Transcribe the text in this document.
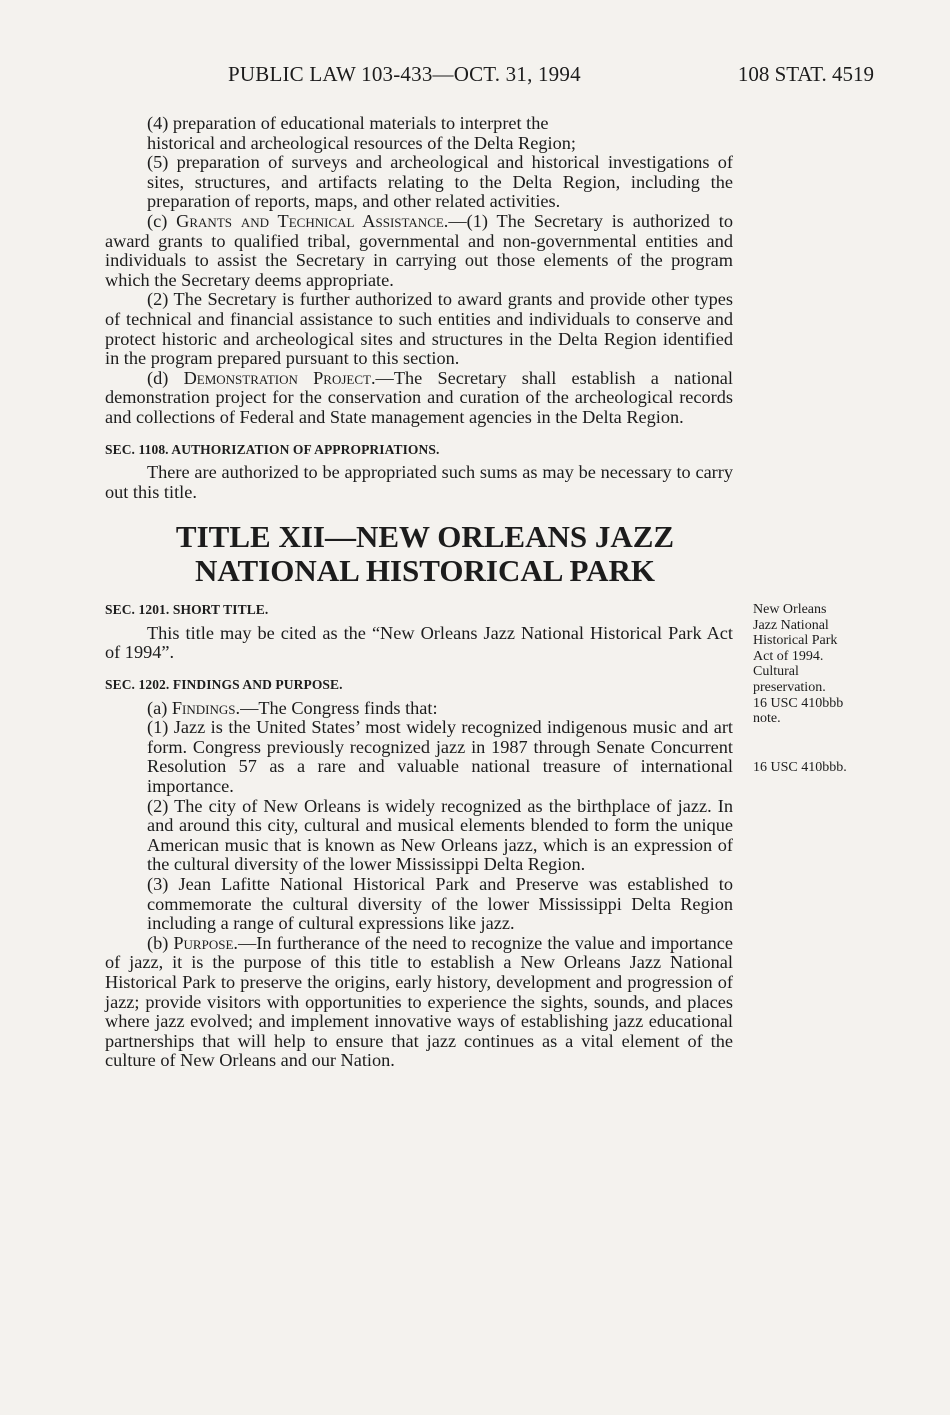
PUBLIC LAW 103-433—OCT. 31, 1994	108 STAT. 4519

(4) preparation of educational materials to interpret the

historical and archeological resources of the Delta Region;

(5) preparation of surveys and archeological and historical investigations of sites, structures, and artifacts relating to the Delta Region, including the preparation of reports, maps, and other related activities.

(c) Grants and Technical Assistance.—(1) The Secretary is authorized to award grants to qualified tribal, governmental and non-governmental entities and individuals to assist the Secretary in carrying out those elements of the program which the Secretary deems appropriate.

(2) The Secretary is further authorized to award grants and provide other types of technical and financial assistance to such entities and individuals to conserve and protect historic and archeological sites and structures in the Delta Region identified in the program prepared pursuant to this section.

(d) Demonstration Project.—The Secretary shall establish a national demonstration project for the conservation and curation of the archeological records and collections of Federal and State management agencies in the Delta Region.

SEC. 1108. AUTHORIZATION OF APPROPRIATIONS.

There are authorized to be appropriated such sums as may be necessary to carry out this title.

TITLE XII—NEW ORLEANS JAZZ
NATIONAL HISTORICAL PARK

SEC. 1201. SHORT TITLE.

This title may be cited as the “New Orleans Jazz National Historical Park Act of 1994”.

SEC. 1202. FINDINGS AND PURPOSE.

(a) Findings.—The Congress finds that:

(1) Jazz is the United States’ most widely recognized indigenous music and art form. Congress previously recognized jazz in 1987 through Senate Concurrent Resolution 57 as a rare and valuable national treasure of international importance.

(2) The city of New Orleans is widely recognized as the birthplace of jazz. In and around this city, cultural and musical elements blended to form the unique American music that is known as New Orleans jazz, which is an expression of the cultural diversity of the lower Mississippi Delta Region.

(3) Jean Lafitte National Historical Park and Preserve was established to commemorate the cultural diversity of the lower Mississippi Delta Region including a range of cultural expressions like jazz.

(b) Purpose.—In furtherance of the need to recognize the value and importance of jazz, it is the purpose of this title to establish a New Orleans Jazz National Historical Park to preserve the origins, early history, development and progression of jazz; provide visitors with opportunities to experience the sights, sounds, and places where jazz evolved; and implement innovative ways of establishing jazz educational partnerships that will help to ensure that jazz continues as a vital element of the culture of New Orleans and our Nation.

New Orleans
Jazz National
Historical Park
Act of 1994.
Cultural
preservation.
16 USC 410bbb
note.
16 USC 410bbb.
